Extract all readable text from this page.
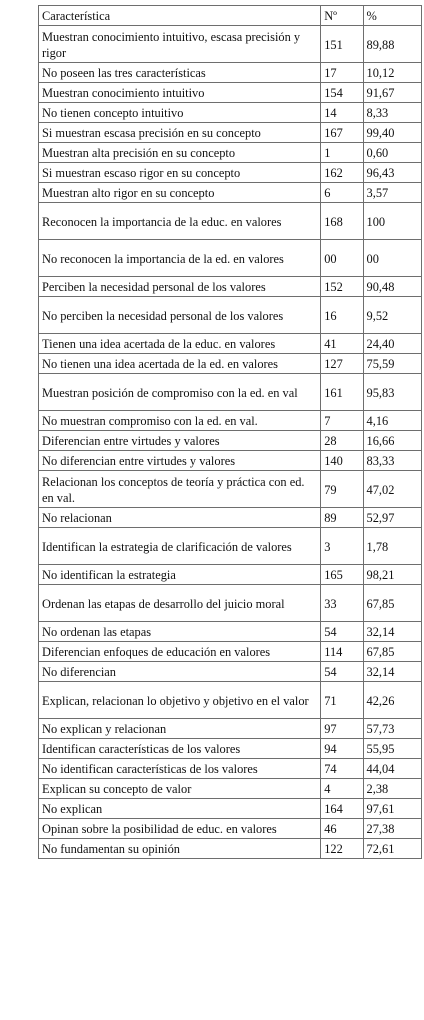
Característica	Nº	%
Muestran conocimiento intuitivo, escasa precisión y rigor	151	89,88
No poseen las tres características	17	10,12
Muestran conocimiento intuitivo	154	91,67
No tienen concepto intuitivo	14	8,33
Si muestran escasa precisión en su concepto	167	99,40
Muestran alta precisión en su concepto	1	0,60
Si muestran escaso rigor en su concepto	162	96,43
Muestran alto rigor en su concepto	6	3,57
Reconocen la importancia de la educ. en valores	168	100
No reconocen la importancia de la ed. en valores	00	00
Perciben la necesidad personal de los valores	152	90,48
No perciben la necesidad personal de los valores	16	9,52
Tienen una idea acertada de la educ. en valores	41	24,40
No tienen una idea acertada de la ed. en valores	127	75,59
Muestran posición de compromiso con la ed. en val	161	95,83
No muestran compromiso con la ed. en val.	7	4,16
Diferencian entre virtudes y valores	28	16,66
No diferencian entre virtudes y valores	140	83,33
Relacionan los conceptos de teoría y práctica con ed. en val.	79	47,02
No relacionan	89	52,97
Identifican la estrategia de clarificación de valores	3	1,78
No identifican la estrategia	165	98,21
Ordenan las etapas de desarrollo del juicio moral	33	67,85
No ordenan las etapas	54	32,14
Diferencian enfoques de educación en valores	114	67,85
No diferencian	54	32,14
Explican, relacionan lo objetivo y objetivo en el valor	71	42,26
No explican y relacionan	97	57,73
Identifican características de los valores	94	55,95
No identifican características de los valores	74	44,04
Explican su concepto de valor	4	2,38
No explican	164	97,61
Opinan sobre la posibilidad de educ. en valores	46	27,38
No fundamentan su opinión	122	72,61
